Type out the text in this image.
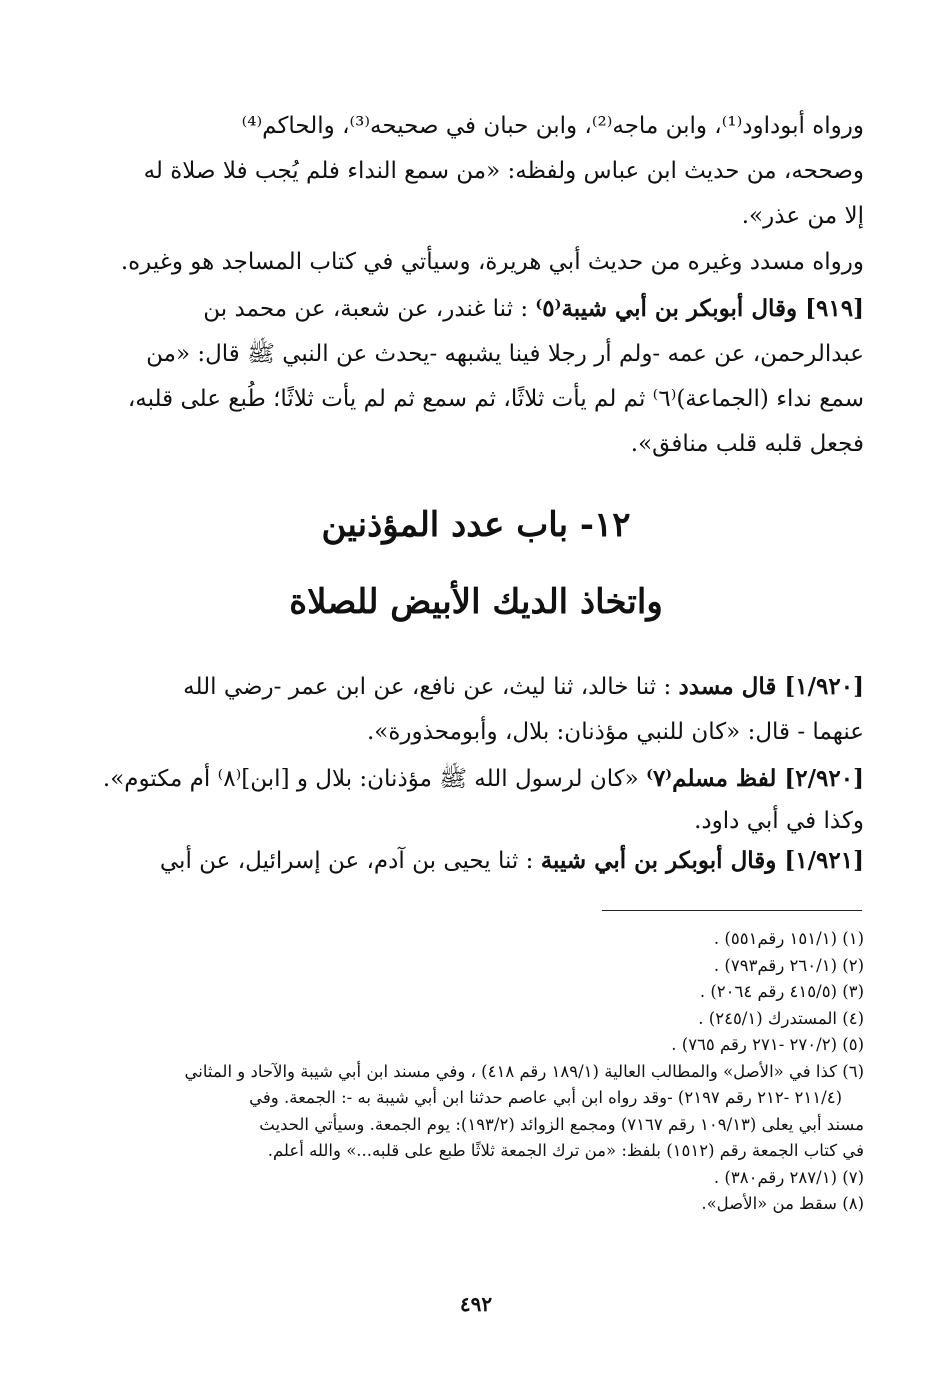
ورواه أبوداود⁽¹⁾، وابن ماجه⁽²⁾، وابن حبان في صحيحه⁽³⁾، والحاكم⁽⁴⁾
وصححه، من حديث ابن عباس ولفظه: «من سمع النداء فلم يُجب فلا صلاة له
إلا من عذر».
ورواه مسدد وغيره من حديث أبي هريرة، وسيأتي في كتاب المساجد هو وغيره.
[٩١٩] وقال أبوبكر بن أبي شيبة⁽٥⁾ : ثنا غندر، عن شعبة، عن محمد بن
عبدالرحمن، عن عمه -ولم أر رجلا فينا يشبهه -يحدث عن النبي ﷺ قال: «من
سمع نداء (الجماعة)⁽٦⁾ ثم لم يأت ثلاثًا، ثم سمع ثم لم يأت ثلاثًا؛ طُبع على قلبه،
فجعل قلبه قلب منافق».
١٢- باب عدد المؤذنين
واتخاذ الديك الأبيض للصلاة
[١/٩٢٠] قال مسدد : ثنا خالد، ثنا ليث، عن نافع، عن ابن عمر -رضي الله
عنهما - قال: «كان للنبي مؤذنان: بلال، وأبومحذورة».
[٢/٩٢٠] لفظ مسلم⁽٧⁾ «كان لرسول الله ﷺ مؤذنان: بلال و [ابن]⁽٨⁾ أم مكتوم».
وكذا في أبي داود.
[١/٩٢١] وقال أبوبكر بن أبي شيبة : ثنا يحيى بن آدم، عن إسرائيل، عن أبي
(١) (١٥١/١ رقم٥٥١) .
(٢) (٢٦٠/١ رقم٧٩٣) .
(٣) (٤١٥/٥ رقم ٢٠٦٤) .
(٤) المستدرك (٢٤٥/١) .
(٥) (٢٧٠/٢ -٢٧١ رقم ٧٦٥) .
(٦) كذا في «الأصل» والمطالب العالية (١٨٩/١ رقم ٤١٨) ، وفي مسند ابن أبي شيبة والآحاد و المثاني
(٢١١/٤ -٢١٢ رقم ٢١٩٧) -وقد رواه ابن أبي عاصم حدثنا ابن أبي شيبة به -: الجمعة. وفي
مسند أبي يعلى (١٠٩/١٣ رقم ٧١٦٧) ومجمع الزوائد (١٩٣/٢): يوم الجمعة. وسيأتي الحديث
في كتاب الجمعة رقم (١٥١٢) بلفظ: «من ترك الجمعة ثلاثًا طبع على قلبه...» والله أعلم.
(٧) (٢٨٧/١ رقم٣٨٠) .
(٨) سقط من «الأصل».
٤٩٢
